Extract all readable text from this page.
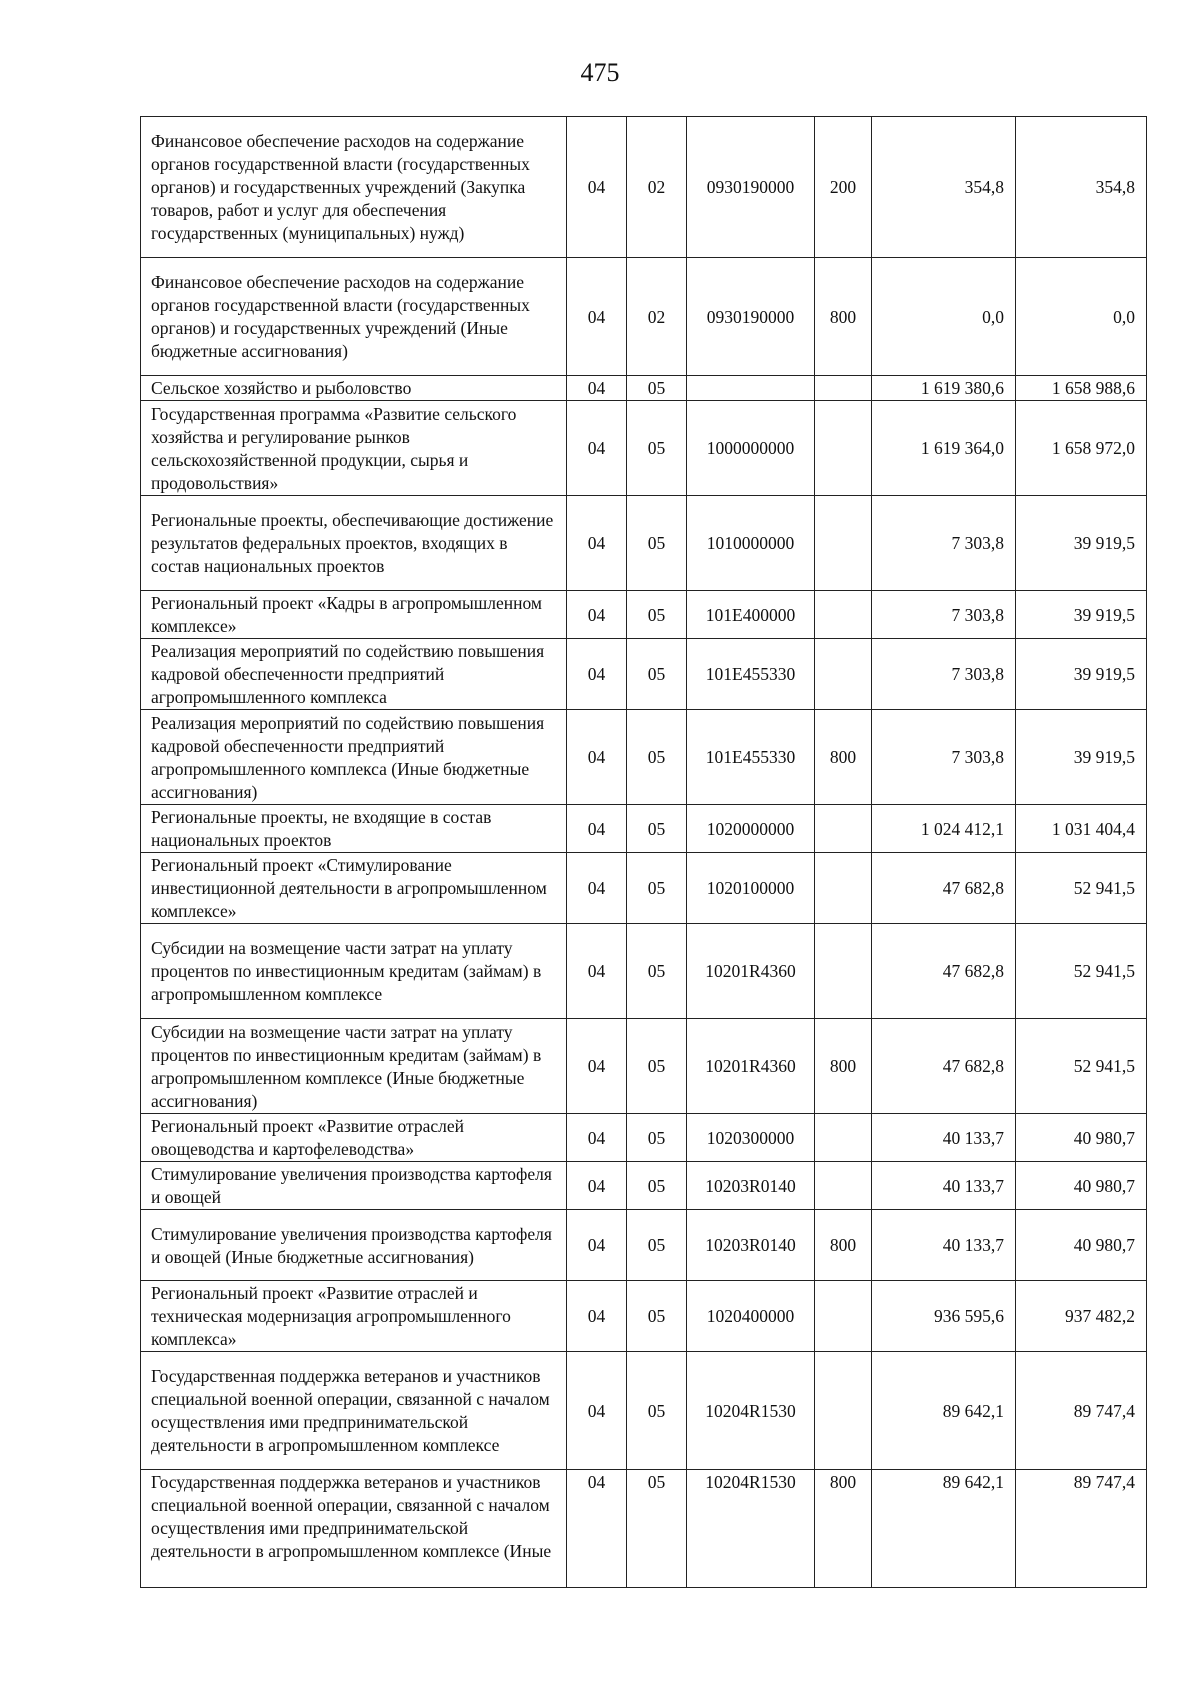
475
Финансовое обеспечение расходов на содержание органов государственной власти (государственных органов) и государственных учреждений (Закупка товаров, работ и услуг для обеспечения государственных (муниципальных) нужд)	04	02	0930190000	200	354,8	354,8
Финансовое обеспечение расходов на содержание органов государственной власти (государственных органов) и государственных учреждений (Иные бюджетные ассигнования)	04	02	0930190000	800	0,0	0,0
Сельское хозяйство и рыболовство	04	05			1 619 380,6	1 658 988,6
Государственная программа «Развитие сельского хозяйства и регулирование рынков сельскохозяйственной продукции, сырья и продовольствия»	04	05	1000000000		1 619 364,0	1 658 972,0
Региональные проекты, обеспечивающие достижение результатов федеральных проектов, входящих в состав национальных проектов	04	05	1010000000		7 303,8	39 919,5
Региональный проект «Кадры в агропромышленном комплексе»	04	05	101E400000		7 303,8	39 919,5
Реализация мероприятий по содействию повышения кадровой обеспеченности предприятий агропромышленного комплекса	04	05	101E455330		7 303,8	39 919,5
Реализация мероприятий по содействию повышения кадровой обеспеченности предприятий агропромышленного комплекса (Иные бюджетные ассигнования)	04	05	101E455330	800	7 303,8	39 919,5
Региональные проекты, не входящие в состав национальных проектов	04	05	1020000000		1 024 412,1	1 031 404,4
Региональный проект «Стимулирование инвестиционной деятельности в агропромышленном комплексе»	04	05	1020100000		47 682,8	52 941,5
Субсидии на возмещение части затрат на уплату процентов по инвестиционным кредитам (займам) в агропромышленном комплексе	04	05	10201R4360		47 682,8	52 941,5
Субсидии на возмещение части затрат на уплату процентов по инвестиционным кредитам (займам) в агропромышленном комплексе (Иные бюджетные ассигнования)	04	05	10201R4360	800	47 682,8	52 941,5
Региональный проект «Развитие отраслей овощеводства и картофелеводства»	04	05	1020300000		40 133,7	40 980,7
Стимулирование увеличения производства картофеля и овощей	04	05	10203R0140		40 133,7	40 980,7
Стимулирование увеличения производства картофеля и овощей (Иные бюджетные ассигнования)	04	05	10203R0140	800	40 133,7	40 980,7
Региональный проект «Развитие отраслей и техническая модернизация агропромышленного комплекса»	04	05	1020400000		936 595,6	937 482,2
Государственная поддержка ветеранов и участников специальной военной операции, связанной с началом осуществления ими предпринимательской деятельности в агропромышленном комплексе	04	05	10204R1530		89 642,1	89 747,4
Государственная поддержка ветеранов и участников специальной военной операции, связанной с началом осуществления ими предпринимательской деятельности в агропромышленном комплексе (Иные	04	05	10204R1530	800	89 642,1	89 747,4
